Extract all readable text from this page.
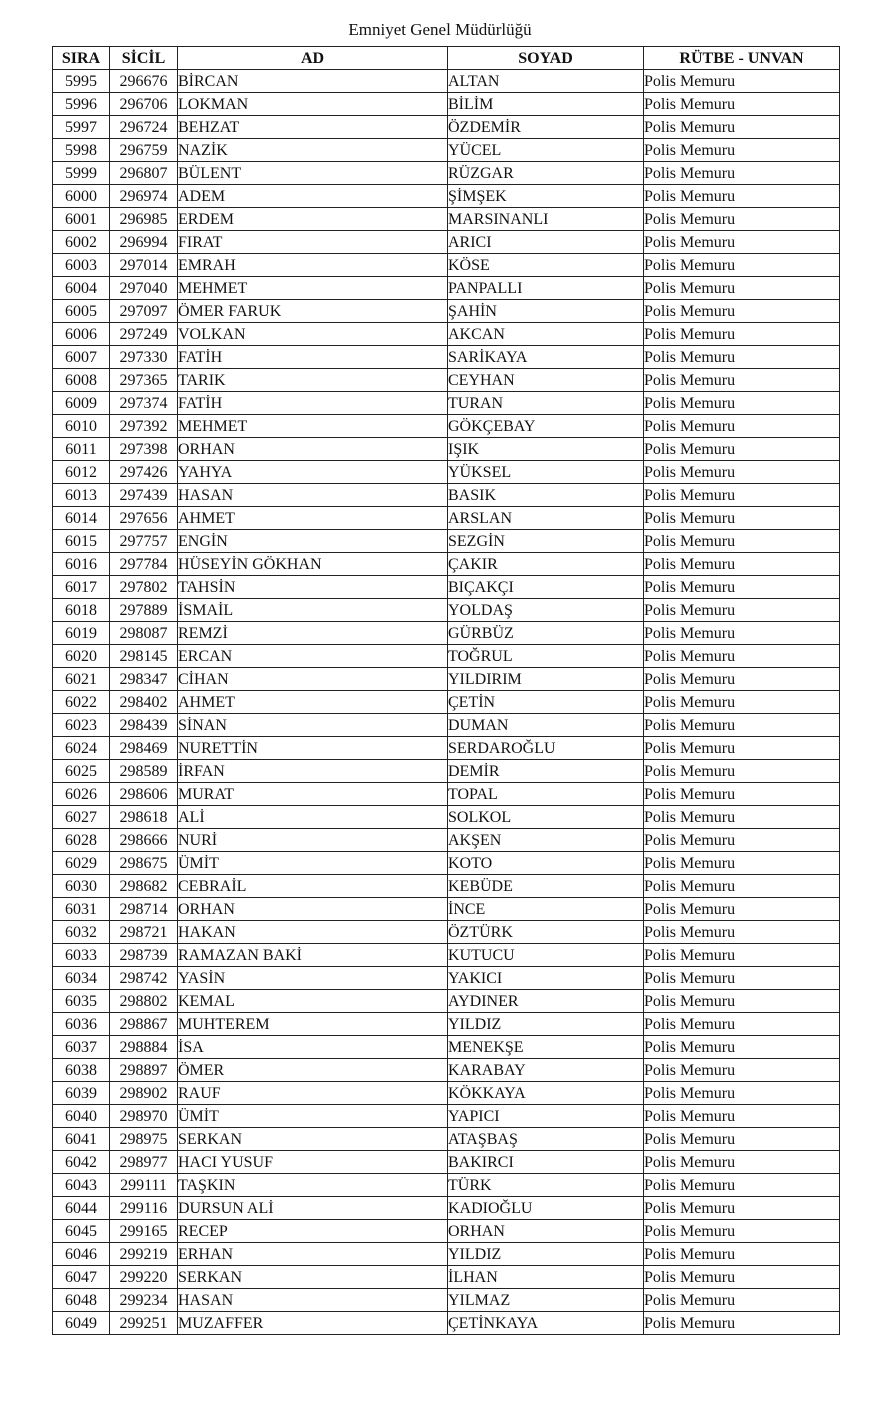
Emniyet Genel Müdürlüğü
SIRA	SİCİL	AD	SOYAD	RÜTBE - UNVAN
5995	296676	BİRCAN	ALTAN	Polis Memuru
5996	296706	LOKMAN	BİLİM	Polis Memuru
5997	296724	BEHZAT	ÖZDEMİR	Polis Memuru
5998	296759	NAZİK	YÜCEL	Polis Memuru
5999	296807	BÜLENT	RÜZGAR	Polis Memuru
6000	296974	ADEM	ŞİMŞEK	Polis Memuru
6001	296985	ERDEM	MARSINANLI	Polis Memuru
6002	296994	FIRAT	ARICI	Polis Memuru
6003	297014	EMRAH	KÖSE	Polis Memuru
6004	297040	MEHMET	PANPALLI	Polis Memuru
6005	297097	ÖMER FARUK	ŞAHİN	Polis Memuru
6006	297249	VOLKAN	AKCAN	Polis Memuru
6007	297330	FATİH	SARİKAYA	Polis Memuru
6008	297365	TARIK	CEYHAN	Polis Memuru
6009	297374	FATİH	TURAN	Polis Memuru
6010	297392	MEHMET	GÖKÇEBAY	Polis Memuru
6011	297398	ORHAN	IŞIK	Polis Memuru
6012	297426	YAHYA	YÜKSEL	Polis Memuru
6013	297439	HASAN	BASIK	Polis Memuru
6014	297656	AHMET	ARSLAN	Polis Memuru
6015	297757	ENGİN	SEZGİN	Polis Memuru
6016	297784	HÜSEYİN GÖKHAN	ÇAKIR	Polis Memuru
6017	297802	TAHSİN	BIÇAKÇI	Polis Memuru
6018	297889	İSMAİL	YOLDAŞ	Polis Memuru
6019	298087	REMZİ	GÜRBÜZ	Polis Memuru
6020	298145	ERCAN	TOĞRUL	Polis Memuru
6021	298347	CİHAN	YILDIRIM	Polis Memuru
6022	298402	AHMET	ÇETİN	Polis Memuru
6023	298439	SİNAN	DUMAN	Polis Memuru
6024	298469	NURETTİN	SERDAROĞLU	Polis Memuru
6025	298589	İRFAN	DEMİR	Polis Memuru
6026	298606	MURAT	TOPAL	Polis Memuru
6027	298618	ALİ	SOLKOL	Polis Memuru
6028	298666	NURİ	AKŞEN	Polis Memuru
6029	298675	ÜMİT	KOTO	Polis Memuru
6030	298682	CEBRAİL	KEBÜDE	Polis Memuru
6031	298714	ORHAN	İNCE	Polis Memuru
6032	298721	HAKAN	ÖZTÜRK	Polis Memuru
6033	298739	RAMAZAN BAKİ	KUTUCU	Polis Memuru
6034	298742	YASİN	YAKICI	Polis Memuru
6035	298802	KEMAL	AYDINER	Polis Memuru
6036	298867	MUHTEREM	YILDIZ	Polis Memuru
6037	298884	İSA	MENEKŞE	Polis Memuru
6038	298897	ÖMER	KARABAY	Polis Memuru
6039	298902	RAUF	KÖKKAYA	Polis Memuru
6040	298970	ÜMİT	YAPICI	Polis Memuru
6041	298975	SERKAN	ATAŞBAŞ	Polis Memuru
6042	298977	HACI YUSUF	BAKIRCI	Polis Memuru
6043	299111	TAŞKIN	TÜRK	Polis Memuru
6044	299116	DURSUN ALİ	KADIOĞLU	Polis Memuru
6045	299165	RECEP	ORHAN	Polis Memuru
6046	299219	ERHAN	YILDIZ	Polis Memuru
6047	299220	SERKAN	İLHAN	Polis Memuru
6048	299234	HASAN	YILMAZ	Polis Memuru
6049	299251	MUZAFFER	ÇETİNKAYA	Polis Memuru
